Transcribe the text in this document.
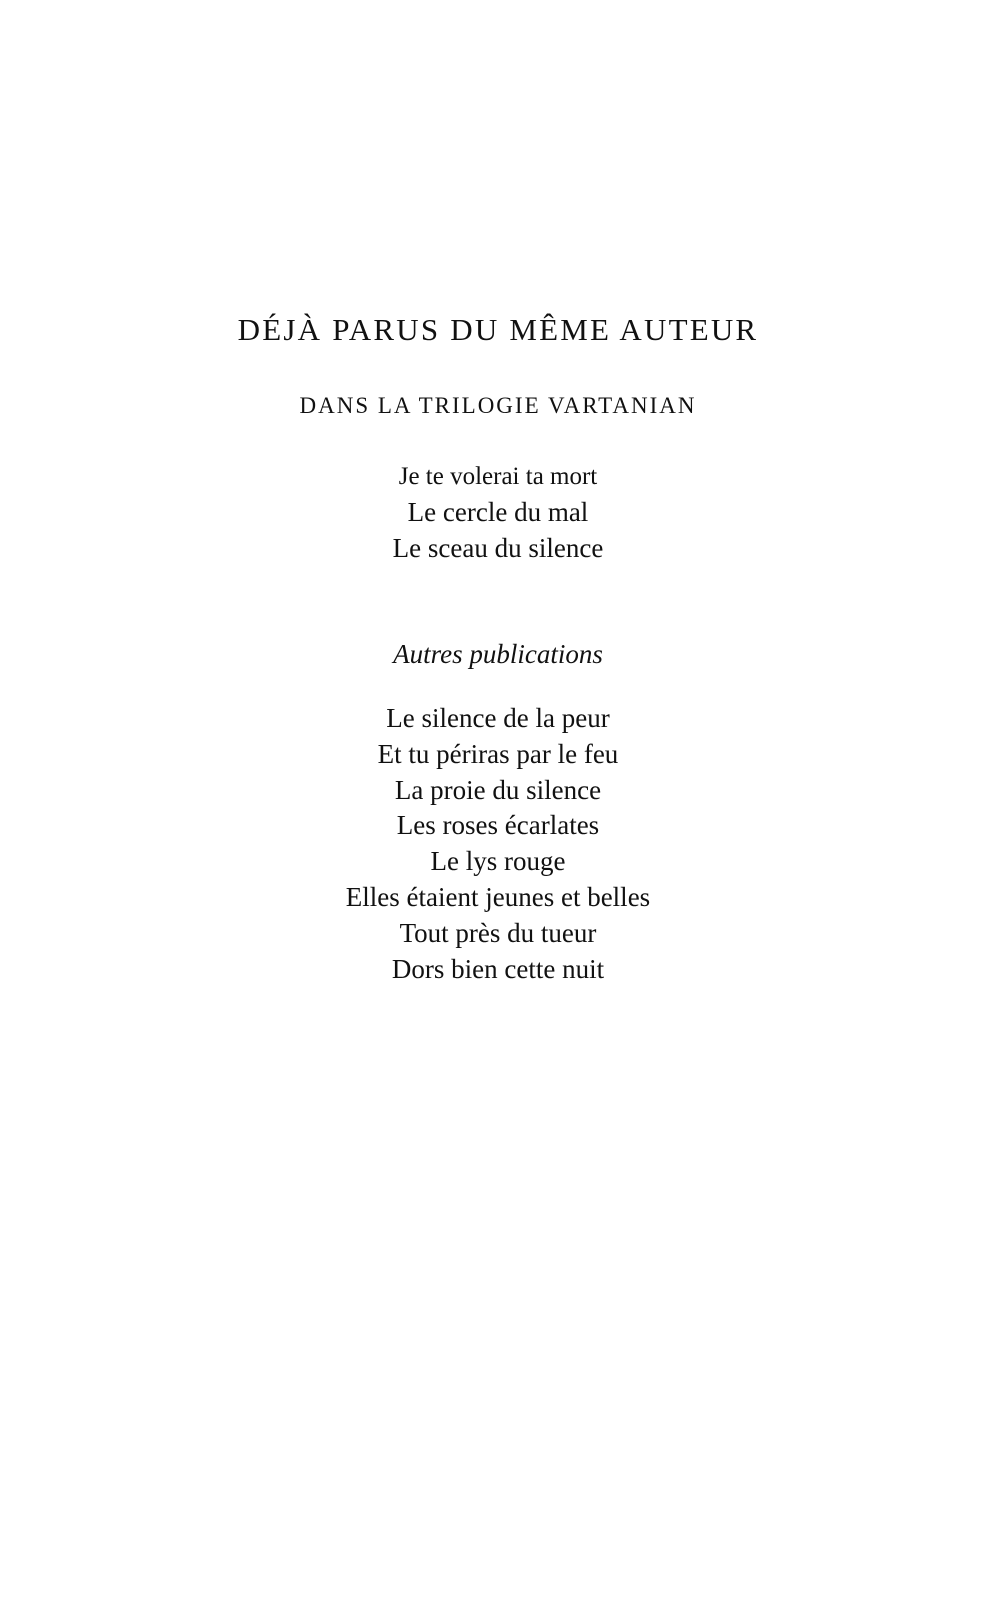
DÉJÀ PARUS DU MÊME AUTEUR
DANS LA TRILOGIE VARTANIAN
Je te volerai ta mort
Le cercle du mal
Le sceau du silence
Autres publications
Le silence de la peur
Et tu périras par le feu
La proie du silence
Les roses écarlates
Le lys rouge
Elles étaient jeunes et belles
Tout près du tueur
Dors bien cette nuit
